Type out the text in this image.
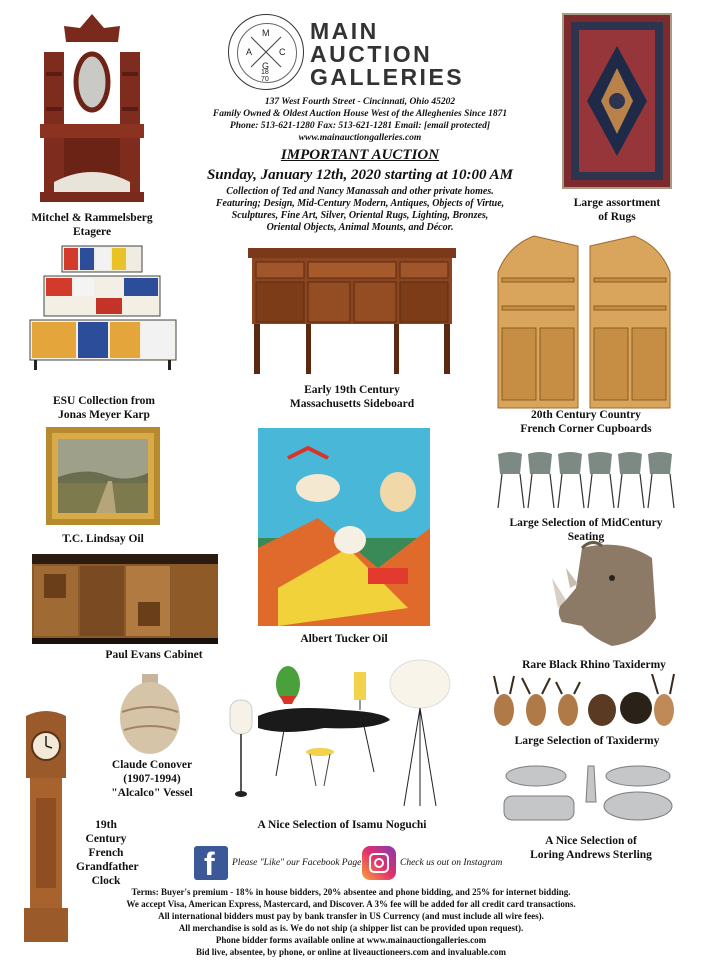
M
A	C
G
18
70
MAIN
AUCTION
GALLERIES
137 West Fourth Street - Cincinnati, Ohio 45202
Family Owned & Oldest Auction House West of the Alleghenies Since 1871
Phone: 513-621-1280 Fax: 513-621-1281 Email: [email protected]
www.mainauctiongalleries.com
IMPORTANT AUCTION
Sunday, January 12th, 2020 starting at 10:00 AM
Collection of Ted and Nancy Manassah and other private homes.
Featuring; Design, Mid-Century Modern, Antiques, Objects of Virtue,
Sculptures, Fine Art, Silver, Oriental Rugs, Lighting, Bronzes,
Oriental Objects, Animal Mounts, and Décor.
Mitchel & Rammelsberg
Etagere
Large assortment
of Rugs
ESU Collection from
Jonas Meyer Karp
Early 19th Century
Massachusetts Sideboard
20th Century Country
French Corner Cupboards
T.C. Lindsay Oil
Albert Tucker Oil
Large Selection of MidCentury
Seating
Paul Evans Cabinet
Rare Black Rhino Taxidermy
Large Selection of Taxidermy
19th Century
French
Grandfather
Clock
Claude Conover
(1907-1994)
"Alcalco" Vessel
A Nice Selection of Isamu Noguchi
A Nice Selection of
Loring Andrews Sterling
f Please "Like" our Facebook Page	Check us out on Instagram
Terms: Buyer's premium - 18% in house bidders, 20% absentee and phone bidding, and 25% for internet bidding.
We accept Visa, American Express, Mastercard, and Discover. A 3% fee will be added for all credit card transactions.
All international bidders must pay by bank transfer in US Currency (and must include all wire fees).
All merchandise is sold as is. We do not ship (a shipper list can be provided upon request).
Phone bidder forms available online at www.mainauctiongalleries.com
Bid live, absentee, by phone, or online at liveauctioneers.com and invaluable.com
